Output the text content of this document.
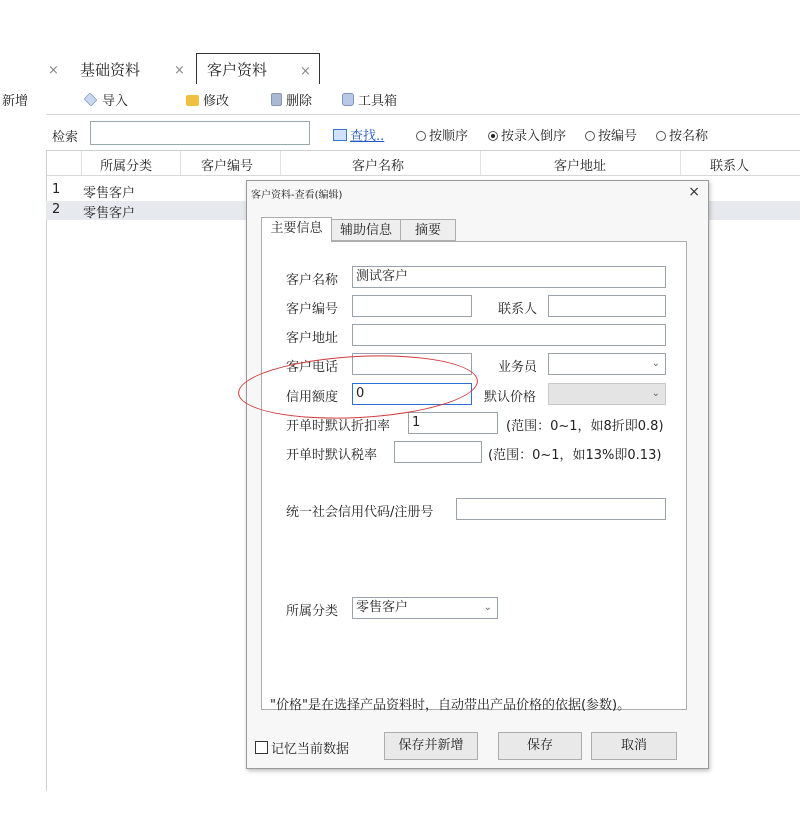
× 基础资料	× 客户资料	×
新增	导入	修改	删除	工具箱
检索	查找..	按顺序	按录入倒序	按编号	按名称
所属分类	客户编号	客户名称	客户地址	联系人
1 零售客户
2 零售客户
客户资料-查看(编辑)	×
辅助信息	摘要
客户名称	测试客户
客户编号	联系人
客户地址
客户电话	业务员	⌄
信用额度	0	默认价格	⌄
开单时默认折扣率	1	(范围：0~1，如8折即0.8)
开单时默认税率	(范围：0~1，如13%即0.13)
统一社会信用代码/注册号
所属分类	零售客户	⌄
主要信息
"价格"是在选择产品资料时，自动带出产品价格的依据(参数)。
记忆当前数据	保存并新增	保存	取消
